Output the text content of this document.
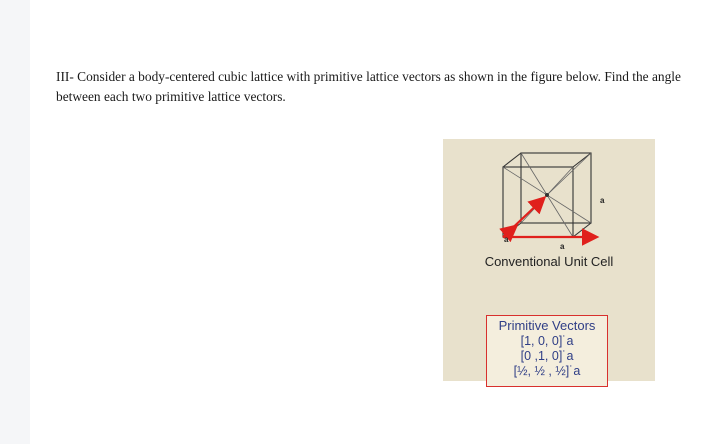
III- Consider a body-centered cubic lattice with primitive lattice vectors as shown in the figure below. Find the angle between each two primitive lattice vectors.

a
a
a
Conventional Unit Cell
Primitive Vectors
[1, 0, 0]˙a
[0 ,1, 0]˙a
[½, ½ , ½]˙a
